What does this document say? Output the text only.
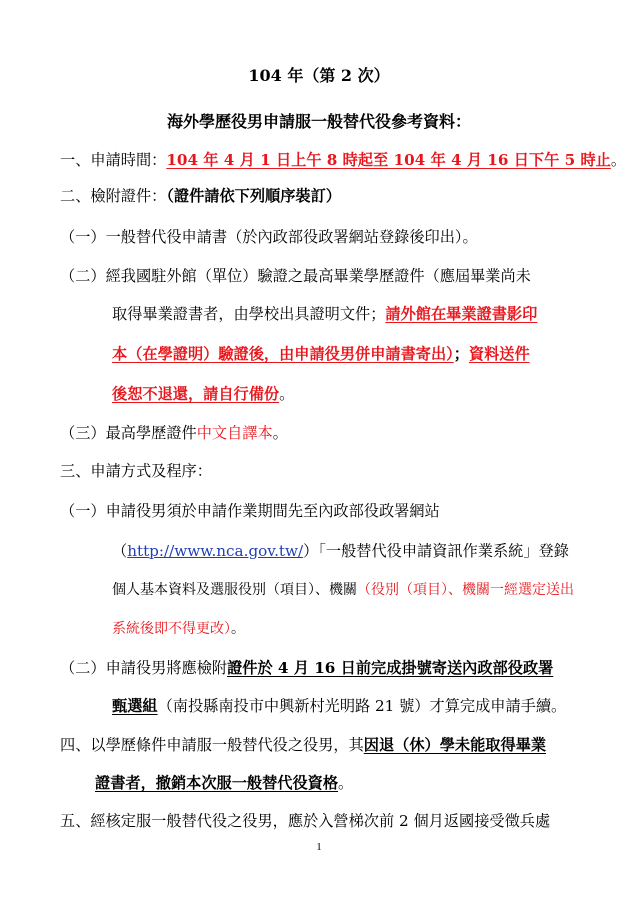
104 年（第 2 次）
海外學歷役男申請服一般替代役參考資料：
一、申請時間：104 年 4 月 1 日上午 8 時起至 104 年 4 月 16 日下午 5 時止。
二、檢附證件：（證件請依下列順序裝訂）
（一）一般替代役申請書（於內政部役政署網站登錄後印出）。
（二）經我國駐外館（單位）驗證之最高畢業學歷證件（應屆畢業尚未
取得畢業證書者，由學校出具證明文件；請外館在畢業證書影印
本（在學證明）驗證後，由申請役男併申請書寄出）；資料送件
後恕不退還，請自行備份。
（三）最高學歷證件中文自譯本。
三、申請方式及程序：
（一）申請役男須於申請作業期間先至內政部役政署網站
（http://www.nca.gov.tw/）「一般替代役申請資訊作業系統」登錄
個人基本資料及選服役別（項目）、機關（役別（項目）、機關一經選定送出
系統後即不得更改）。
（二）申請役男將應檢附證件於 4 月 16 日前完成掛號寄送內政部役政署
甄選組（南投縣南投市中興新村光明路 21 號）才算完成申請手續。
四、以學歷條件申請服一般替代役之役男，其因退（休）學未能取得畢業
證書者，撤銷本次服一般替代役資格。
五、經核定服一般替代役之役男，應於入營梯次前 2 個月返國接受徵兵處
1
